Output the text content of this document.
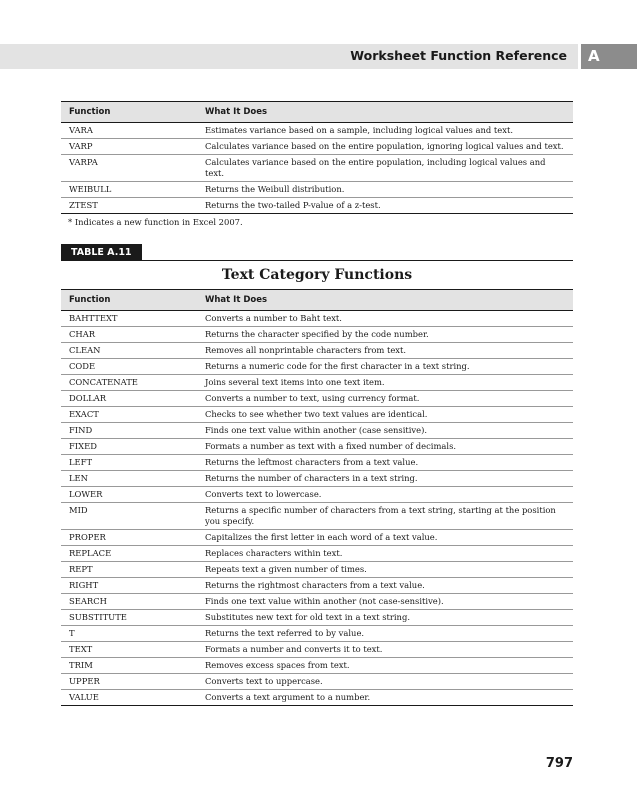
Worksheet Function Reference	A
Function	What It Does
VARA	Estimates variance based on a sample, including logical values and text.
VARP	Calculates variance based on the entire population, ignoring logical values and text.
VARPA	Calculates variance based on the entire population, including logical values and text.
WEIBULL	Returns the Weibull distribution.
ZTEST	Returns the two-tailed P-value of a z-test.
* Indicates a new function in Excel 2007.
TABLE A.11
Text Category Functions
Function	What It Does
BAHTTEXT	Converts a number to Baht text.
CHAR	Returns the character specified by the code number.
CLEAN	Removes all nonprintable characters from text.
CODE	Returns a numeric code for the first character in a text string.
CONCATENATE	Joins several text items into one text item.
DOLLAR	Converts a number to text, using currency format.
EXACT	Checks to see whether two text values are identical.
FIND	Finds one text value within another (case sensitive).
FIXED	Formats a number as text with a fixed number of decimals.
LEFT	Returns the leftmost characters from a text value.
LEN	Returns the number of characters in a text string.
LOWER	Converts text to lowercase.
MID	Returns a specific number of characters from a text string, starting at the position you specify.
PROPER	Capitalizes the first letter in each word of a text value.
REPLACE	Replaces characters within text.
REPT	Repeats text a given number of times.
RIGHT	Returns the rightmost characters from a text value.
SEARCH	Finds one text value within another (not case-sensitive).
SUBSTITUTE	Substitutes new text for old text in a text string.
T	Returns the text referred to by value.
TEXT	Formats a number and converts it to text.
TRIM	Removes excess spaces from text.
UPPER	Converts text to uppercase.
VALUE	Converts a text argument to a number.
797
